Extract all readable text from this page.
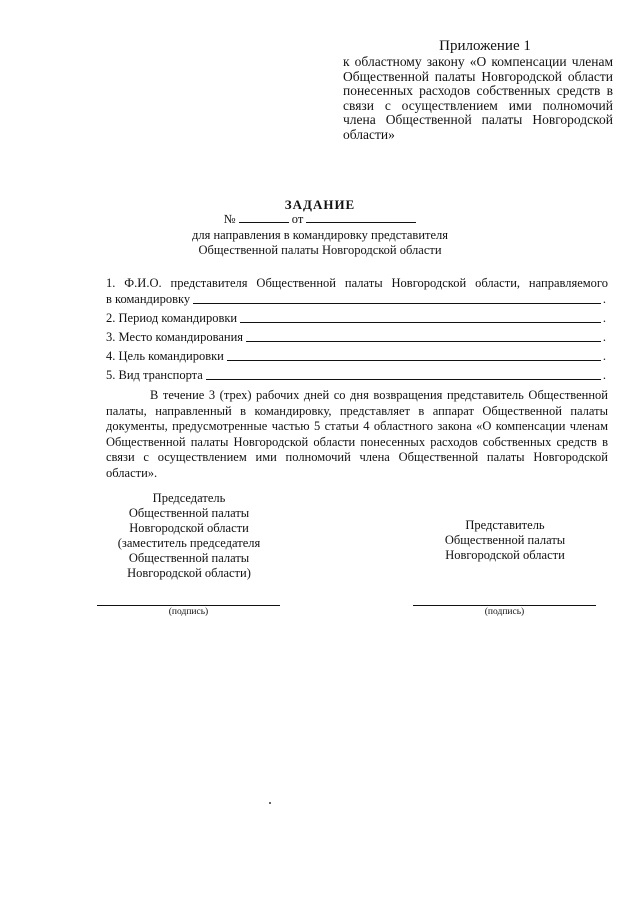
Приложение 1
к областному закону «О компенсации членам Общественной палаты Новгородской области понесенных расходов собственных средств в связи с осуществлением ими полномочий члена Общественной палаты Новгородской области»
ЗАДАНИЕ
№	от
для направления в командировку представителя
Общественной палаты Новгородской области
1. Ф.И.О. представителя Общественной палаты Новгородской области, направляемого
в командировку	.
2. Период командировки	.
3. Место командирования	.
4. Цель командировки	.
5. Вид транспорта	.
В течение 3 (трех) рабочих дней со дня возвращения представитель Общественной палаты, направленный в командировку, представляет в аппарат Общественной палаты документы, предусмотренные частью 5 статьи 4 областного закона «О компенсации членам Общественной палаты Новгородской области понесенных расходов собственных средств в связи с осуществлением ими полномочий члена Общественной палаты Новгородской области».
Председатель
Общественной палаты
Новгородской области
(заместитель председателя
Общественной палаты
Новгородской области)
Представитель
Общественной палаты
Новгородской области
(подпись)	(подпись)
